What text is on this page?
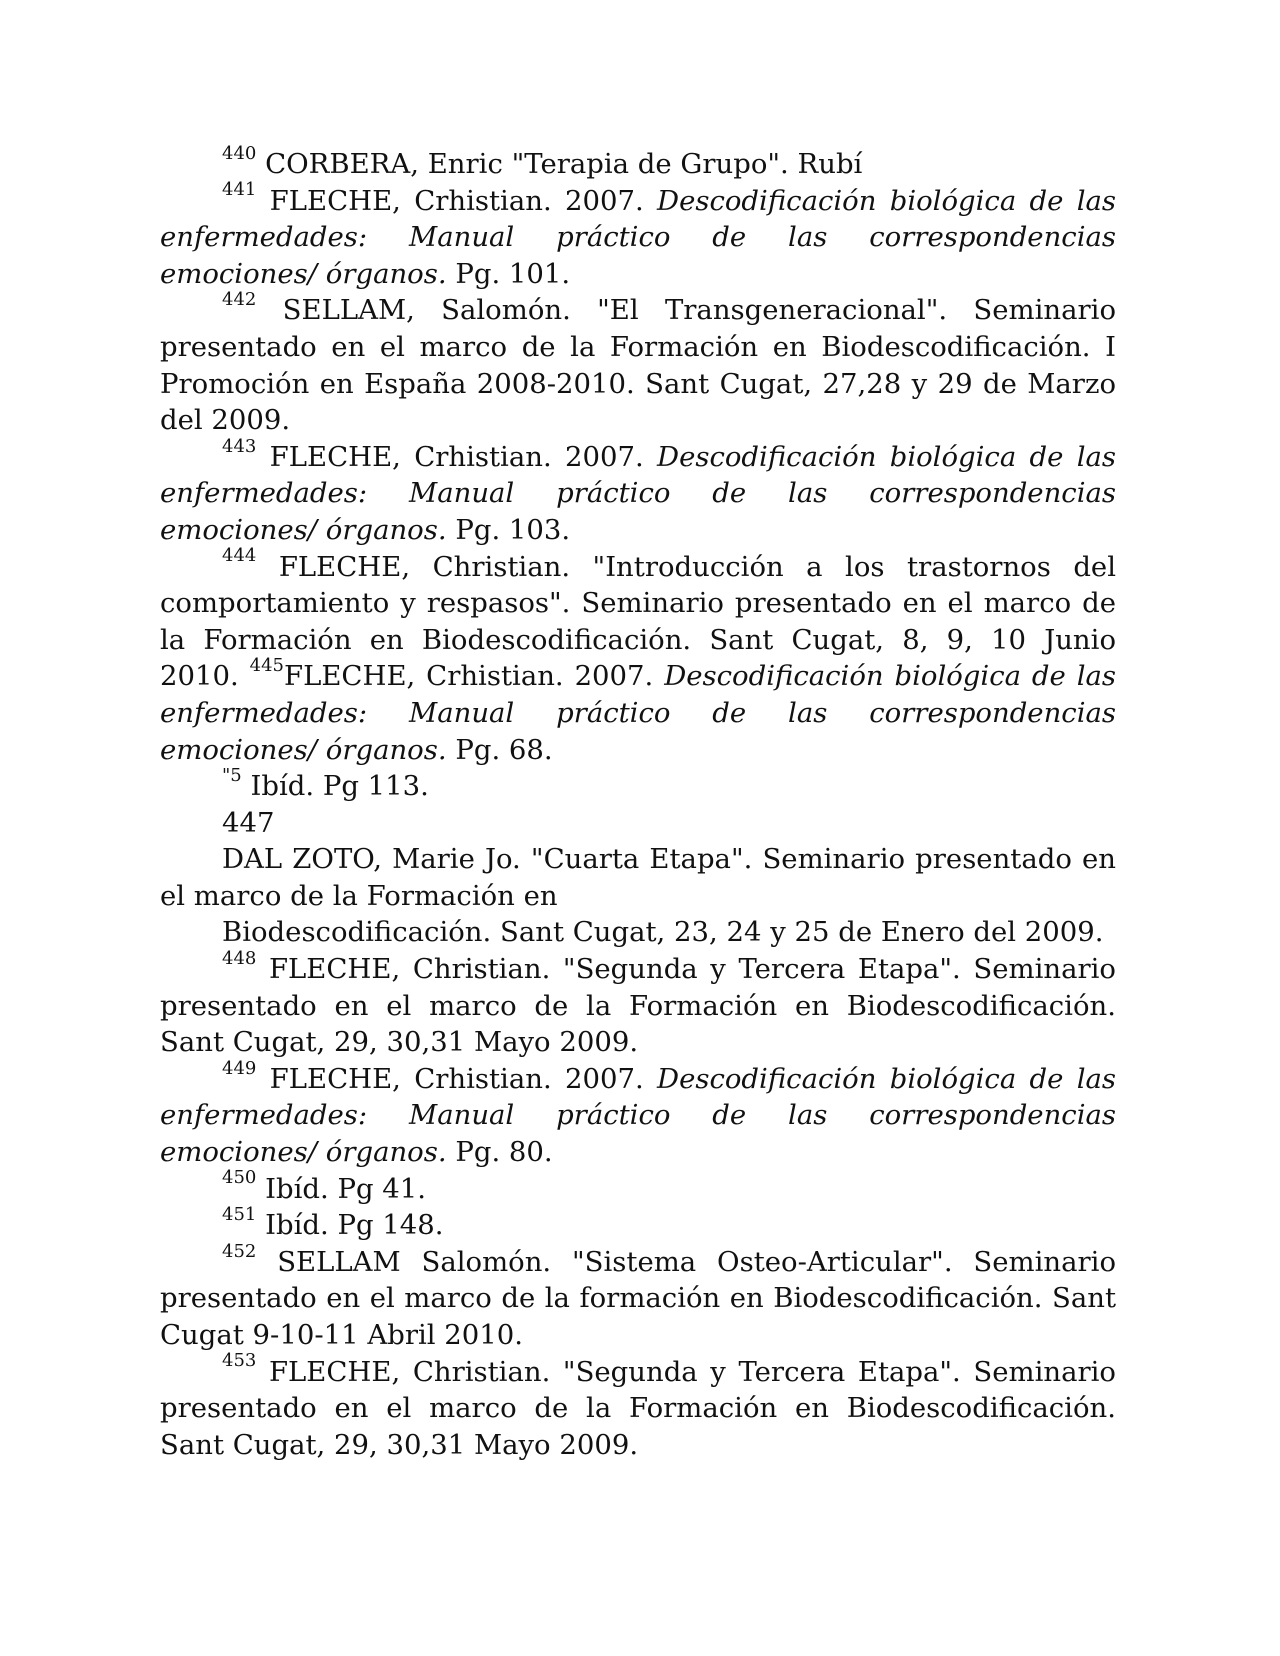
$^{440}$ CORBERA, Enric "Terapia de Grupo". Rubí

$^{441}$ FLECHE, Crhistian. 2007. Descodificación biológica de las enfermedades: Manual práctico de las correspondencias emociones/ órganos. Pg. 101.

$^{442}$ SELLAM, Salomón. "El Transgeneracional". Seminario presentado en el marco de la Formación en Biodescodificación. I Promoción en España 2008-2010. Sant Cugat, 27,28 y 29 de Marzo del 2009.

$^{443}$ FLECHE, Crhistian. 2007. Descodificación biológica de las enfermedades: Manual práctico de las correspondencias emociones/ órganos. Pg. 103.

$^{444}$ FLECHE, Christian. "Introducción a los trastornos del comportamiento y respasos". Seminario presentado en el marco de la Formación en Biodescodificación. Sant Cugat, 8, 9, 10 Junio 2010. $^{445}$FLECHE, Crhistian. 2007. Descodificación biológica de las enfermedades: Manual práctico de las correspondencias emociones/ órganos. Pg. 68.

$^{"5}$ Ibíd. Pg 113.

447

DAL ZOTO, Marie Jo. "Cuarta Etapa". Seminario presentado en el marco de la Formación en

Biodescodificación. Sant Cugat, 23, 24 y 25 de Enero del 2009.

$^{448}$ FLECHE, Christian. "Segunda y Tercera Etapa". Seminario presentado en el marco de la Formación en Biodescodificación. Sant Cugat, 29, 30,31 Mayo 2009.

$^{449}$ FLECHE, Crhistian. 2007. Descodificación biológica de las enfermedades: Manual práctico de las correspondencias emociones/ órganos. Pg. 80.

$^{450}$ Ibíd. Pg 41.

$^{451}$ Ibíd. Pg 148.

$^{452}$ SELLAM Salomón. "Sistema Osteo-Articular". Seminario presentado en el marco de la formación en Biodescodificación. Sant Cugat 9-10-11 Abril 2010.

$^{453}$ FLECHE, Christian. "Segunda y Tercera Etapa". Seminario presentado en el marco de la Formación en Biodescodificación. Sant Cugat, 29, 30,31 Mayo 2009.
